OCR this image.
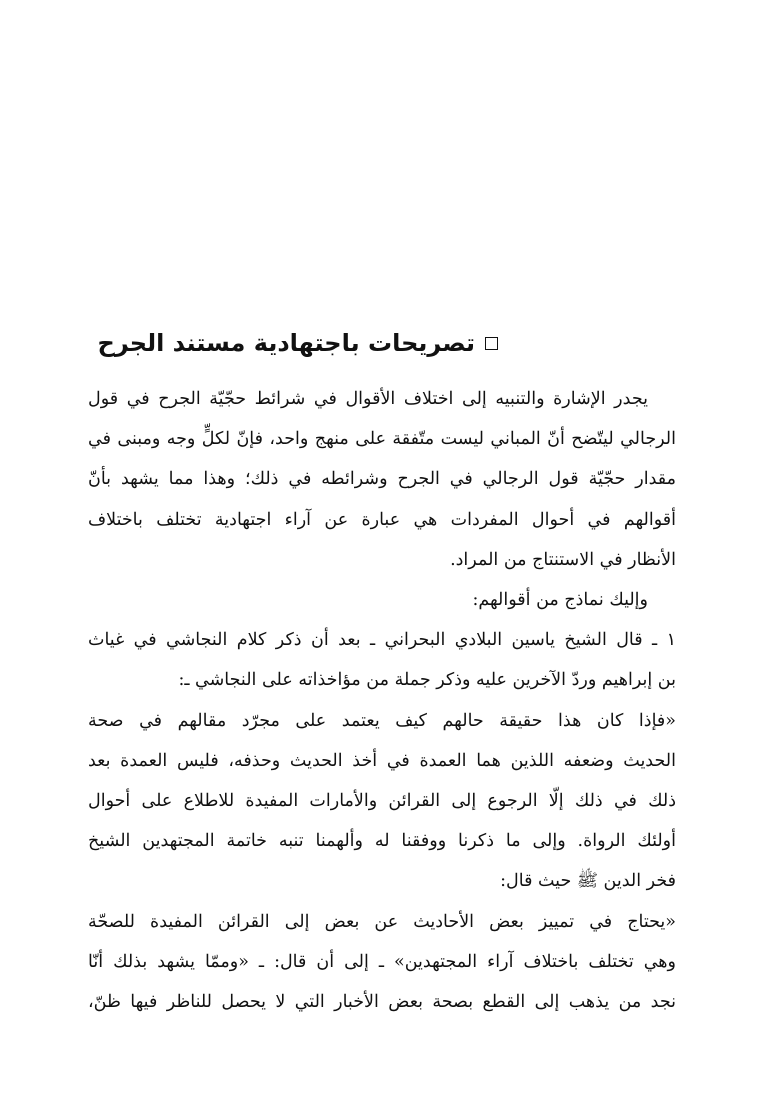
تصريحات باجتهادية مستند الجرح
يجدر الإشارة والتنبيه إلى اختلاف الأقوال في شرائط حجّيّة الجرح في قول
الرجالي ليتّضح أنّ المباني ليست متّفقة على منهج واحد، فإنّ لكلٍّ وجه ومبنى في
مقدار حجّيّة قول الرجالي في الجرح وشرائطه في ذلك؛ وهذا مما يشهد بأنّ
أقوالهم في أحوال المفردات هي عبارة عن آراء اجتهادية تختلف باختلاف
الأنظار في الاستنتاج من المراد.
وإليك نماذج من أقوالهم:
١ ـ قال الشيخ ياسين البلادي البحراني ـ بعد أن ذكر كلام النجاشي في غياث
بن إبراهيم وردّ الآخرين عليه وذكر جملة من مؤاخذاته على النجاشي ـ:
«فإذا كان هذا حقيقة حالهم كيف يعتمد على مجرّد مقالهم في صحة
الحديث وضعفه اللذين هما العمدة في أخذ الحديث وحذفه، فليس العمدة بعد
ذلك في ذلك إلّا الرجوع إلى القرائن والأمارات المفيدة للاطلاع على أحوال
أولئك الرواة. وإلى ما ذكرنا ووفقنا له وألهمنا تنبه خاتمة المجتهدين الشيخ
فخر الدين ﷺ حيث قال:
«يحتاج في تمييز بعض الأحاديث عن بعض إلى القرائن المفيدة للصحّة
وهي تختلف باختلاف آراء المجتهدين» ـ إلى أن قال: ـ «وممّا يشهد بذلك أنّا
نجد من يذهب إلى القطع بصحة بعض الأخبار التي لا يحصل للناظر فيها ظنّ،
